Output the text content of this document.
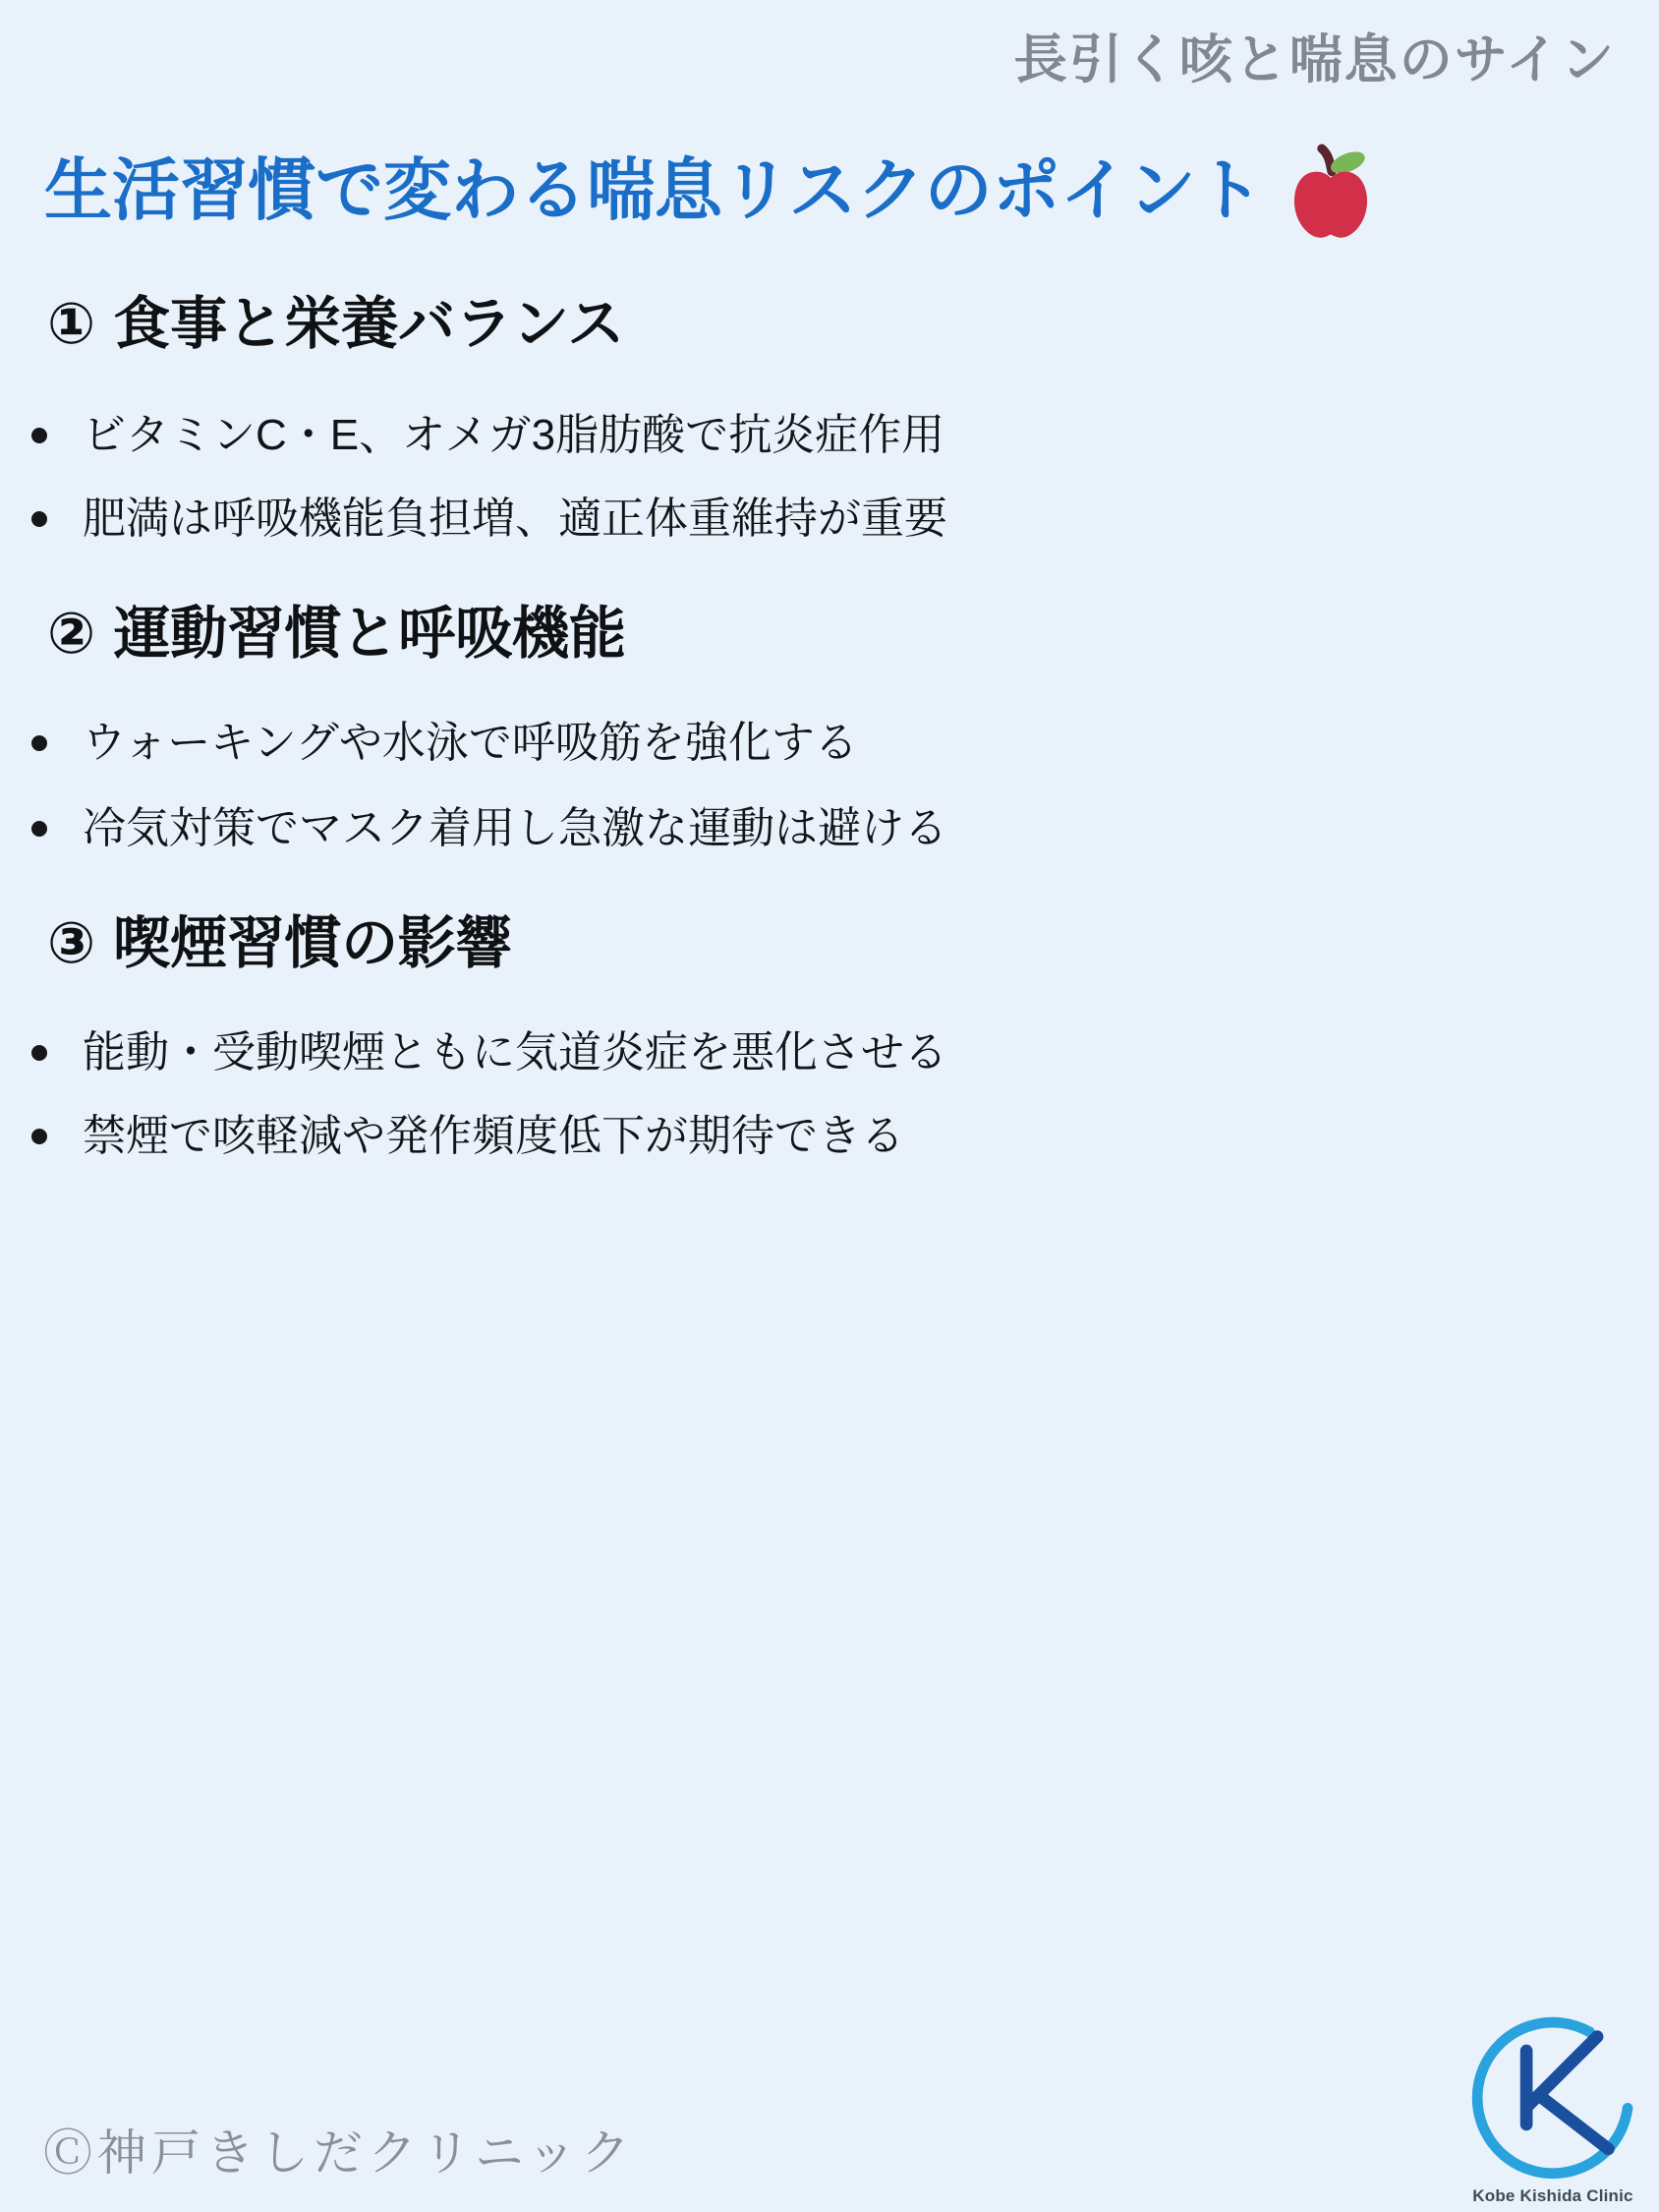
長引く咳と喘息のサイン
生活習慣で変わる喘息リスクのポイント
① 食事と栄養バランス
ビタミンC・E、オメガ3脂肪酸で抗炎症作用
肥満は呼吸機能負担増、適正体重維持が重要
② 運動習慣と呼吸機能
ウォーキングや水泳で呼吸筋を強化する
冷気対策でマスク着用し急激な運動は避ける
③ 喫煙習慣の影響
能動・受動喫煙ともに気道炎症を悪化させる
禁煙で咳軽減や発作頻度低下が期待できる
Ⓒ神戸きしだクリニック
Kobe Kishida Clinic
